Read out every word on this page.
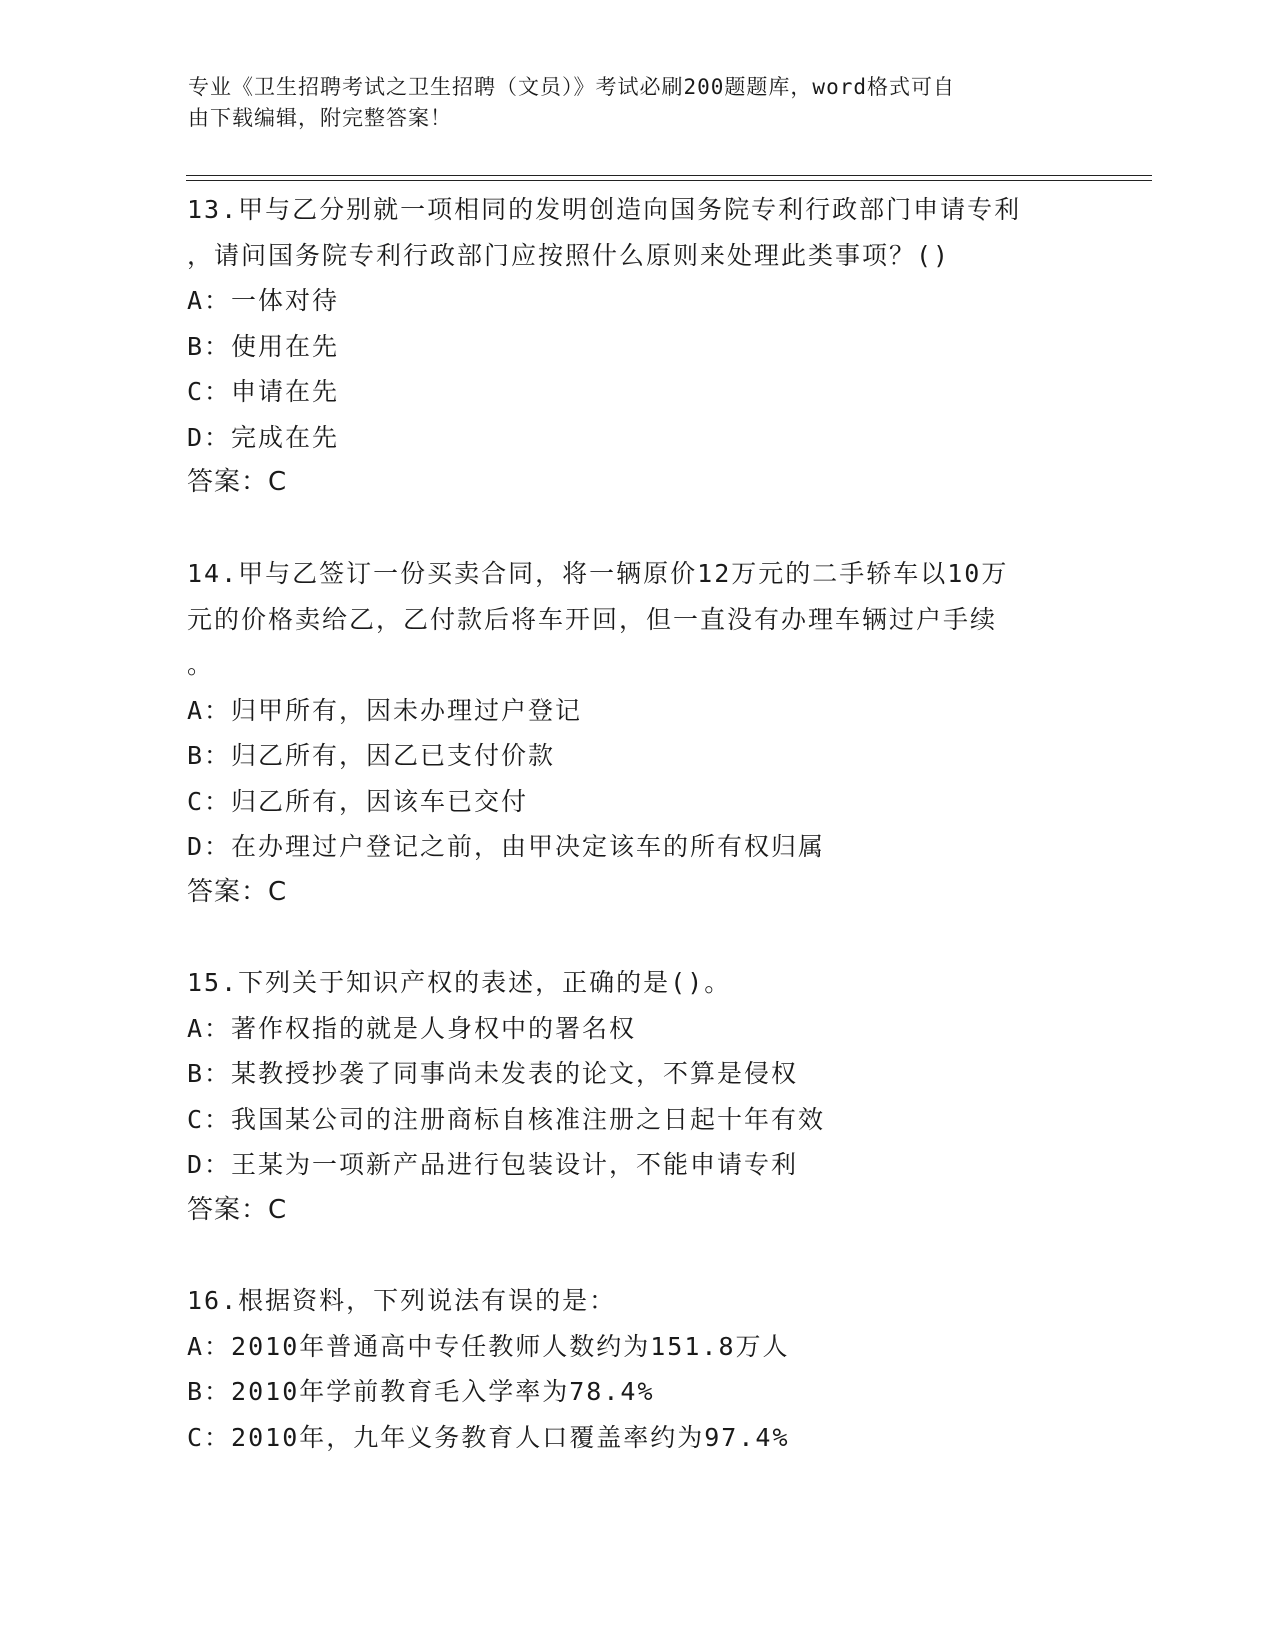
专业《卫生招聘考试之卫生招聘（文员）》考试必刷200题题库，word格式可自
由下载编辑，附完整答案！
13.甲与乙分别就一项相同的发明创造向国务院专利行政部门申请专利
，请问国务院专利行政部门应按照什么原则来处理此类事项？()
A：一体对待
B：使用在先
C：申请在先
D：完成在先
答案：C
14.甲与乙签订一份买卖合同，将一辆原价12万元的二手轿车以10万
元的价格卖给乙，乙付款后将车开回，但一直没有办理车辆过户手续
。
A：归甲所有，因未办理过户登记
B：归乙所有，因乙已支付价款
C：归乙所有，因该车已交付
D：在办理过户登记之前，由甲决定该车的所有权归属
答案：C
15.下列关于知识产权的表述，正确的是()。
A：著作权指的就是人身权中的署名权
B：某教授抄袭了同事尚未发表的论文，不算是侵权
C：我国某公司的注册商标自核准注册之日起十年有效
D：王某为一项新产品进行包装设计，不能申请专利
答案：C
16.根据资料，下列说法有误的是：
A：2010年普通高中专任教师人数约为151.8万人
B：2010年学前教育毛入学率为78.4%
C：2010年，九年义务教育人口覆盖率约为97.4%
